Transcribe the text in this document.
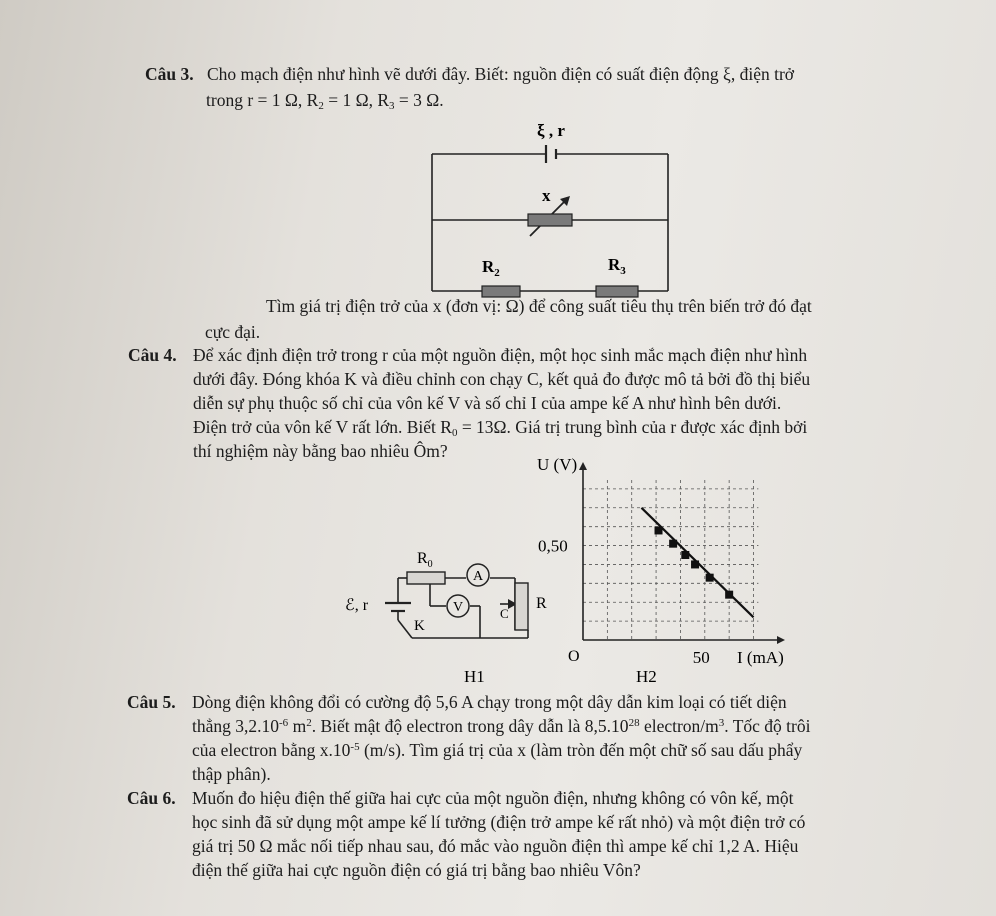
Câu 3. Cho mạch điện như hình vẽ dưới đây. Biết: nguồn điện có suất điện động ξ, điện trở
trong r = 1 Ω, $R_2 = 1$ Ω, $R_3 = 3$ Ω.
ξ , r
x
$R_2$	$R_3$
Tìm giá trị điện trở của x (đơn vị: Ω) để công suất tiêu thụ trên biến trở đó đạt
cực đại.
Câu 4. Để xác định điện trở trong r của một nguồn điện, một học sinh mắc mạch điện như hình
dưới đây. Đóng khóa K và điều chỉnh con chạy C, kết quả đo được mô tả bởi đồ thị biểu
diễn sự phụ thuộc số chỉ của vôn kế V và số chỉ I của ampe kế A như hình bên dưới.
Điện trở của vôn kế V rất lớn. Biết $R_0 = 13\Omega$. Giá trị trung bình của r được xác định bởi
thí nghiệm này bằng bao nhiêu Ôm?
A
V
$R_0$
ℰ, r
K
C
R
H1
U (V)
I (mA)
O	50
0,50
H2
Câu 5. Dòng điện không đổi có cường độ 5,6 A chạy trong một dây dẫn kim loại có tiết diện
thẳng $3,2.10^{-6}$ $m^2$. Biết mật độ electron trong dây dẫn là 8,5.10$^{28}$ electron/$m^3$. Tốc độ trôi
của electron bằng $x.10^{-5}$ (m/s). Tìm giá trị của x (làm tròn đến một chữ số sau dấu phẩy
thập phân).
Câu 6. Muốn đo hiệu điện thế giữa hai cực của một nguồn điện, nhưng không có vôn kế, một
học sinh đã sử dụng một ampe kế lí tưởng (điện trở ampe kế rất nhỏ) và một điện trở có
giá trị 50 Ω mắc nối tiếp nhau sau, đó mắc vào nguồn điện thì ampe kế chỉ 1,2 A. Hiệu
điện thế giữa hai cực nguồn điện có giá trị bằng bao nhiêu Vôn?
